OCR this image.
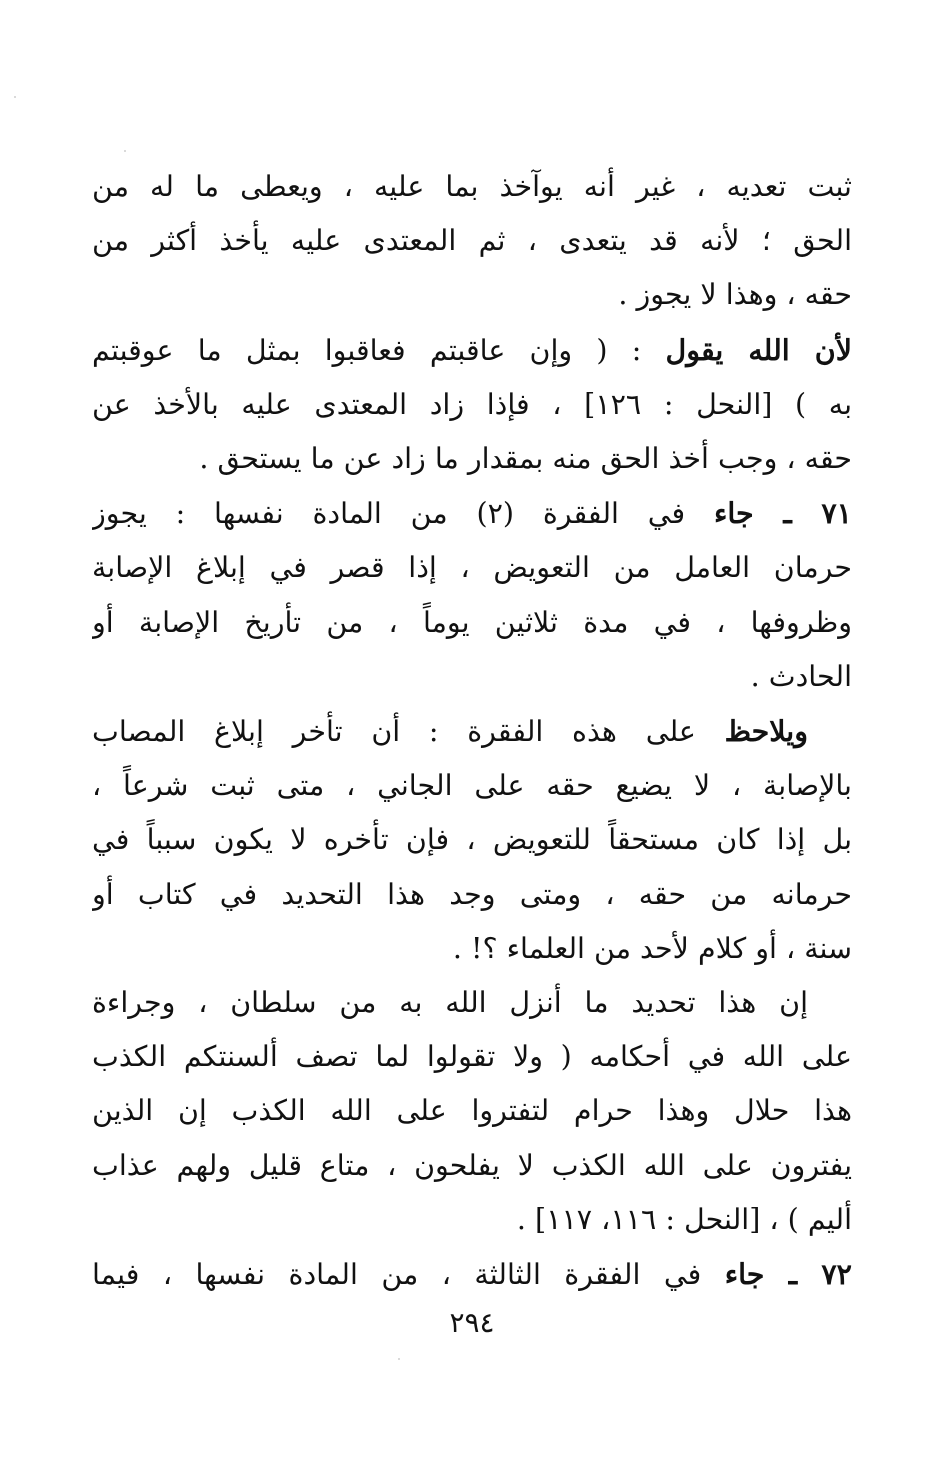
ثبت تعديه ، غير أنه يوآخذ بما عليه ، ويعطى ما له من
الحق ؛ لأنه قد يتعدى ، ثم المعتدى عليه يأخذ أكثر من
حقه ، وهذا لا يجوز .
لأن الله يقول : ( وإن عاقبتم فعاقبوا بمثل ما عوقبتم
به ) [النحل : ١٢٦] ، فإذا زاد المعتدى عليه بالأخذ عن
حقه ، وجب أخذ الحق منه بمقدار ما زاد عن ما يستحق .
٧١ ـ جاء في الفقرة (٢) من المادة نفسها : يجوز
حرمان العامل من التعويض ، إذا قصر في إبلاغ الإصابة
وظروفها ، في مدة ثلاثين يوماً ، من تأريخ الإصابة أو
الحادث .
ويلاحظ على هذه الفقرة : أن تأخر إبلاغ المصاب
بالإصابة ، لا يضيع حقه على الجاني ، متى ثبت شرعاً ،
بل إذا كان مستحقاً للتعويض ، فإن تأخره لا يكون سبباً في
حرمانه من حقه ، ومتى وجد هذا التحديد في كتاب أو
سنة ، أو كلام لأحد من العلماء ؟! .
إن هذا تحديد ما أنزل الله به من سلطان ، وجراءة
على الله في أحكامه ( ولا تقولوا لما تصف ألسنتكم الكذب
هذا حلال وهذا حرام لتفتروا على الله الكذب إن الذين
يفترون على الله الكذب لا يفلحون ، متاع قليل ولهم عذاب
أليم ) ، [النحل : ١١٦، ١١٧] .
٧٢ ـ جاء في الفقرة الثالثة ، من المادة نفسها ، فيما
٢٩٤
